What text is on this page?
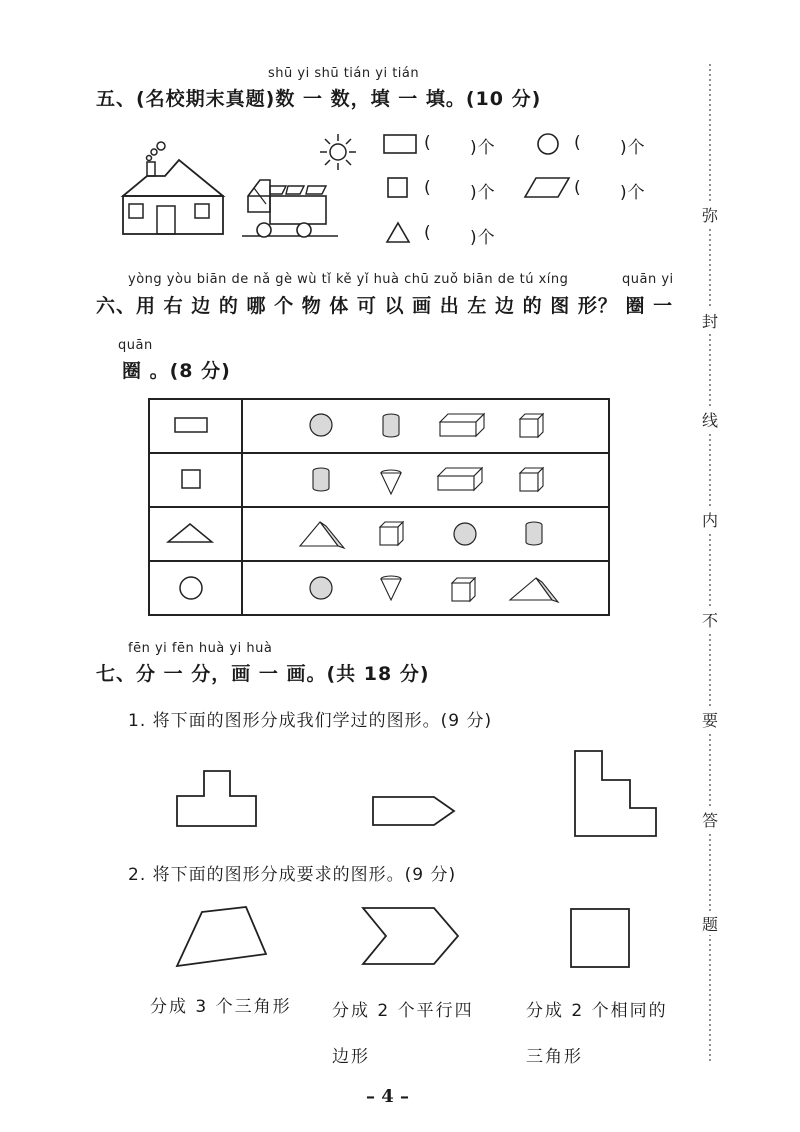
shū yi shū tián yi tián
五、(名校期末真题)数 一 数，填 一 填。(10 分)
( )个	( )个
( )个	( )个
( )个
yòng yòu biān de nǎ gè wù tǐ kě yǐ huà chū zuǒ biān de tú xíng	quān yi
六、用 右 边 的 哪 个 物 体 可 以 画 出 左 边 的 图 形？ 圈 一
quān
圈 。(8 分)
fēn yi fēn huà yi huà
七、分 一 分，画 一 画。(共 18 分)
1. 将下面的图形分成我们学过的图形。(9 分)
2. 将下面的图形分成要求的图形。(9 分)
分成 3 个三角形 分成 2 个平行四
边形
分成 2 个相同的
三角形
弥
封
线
内
不
要
答
题
– 4 –
